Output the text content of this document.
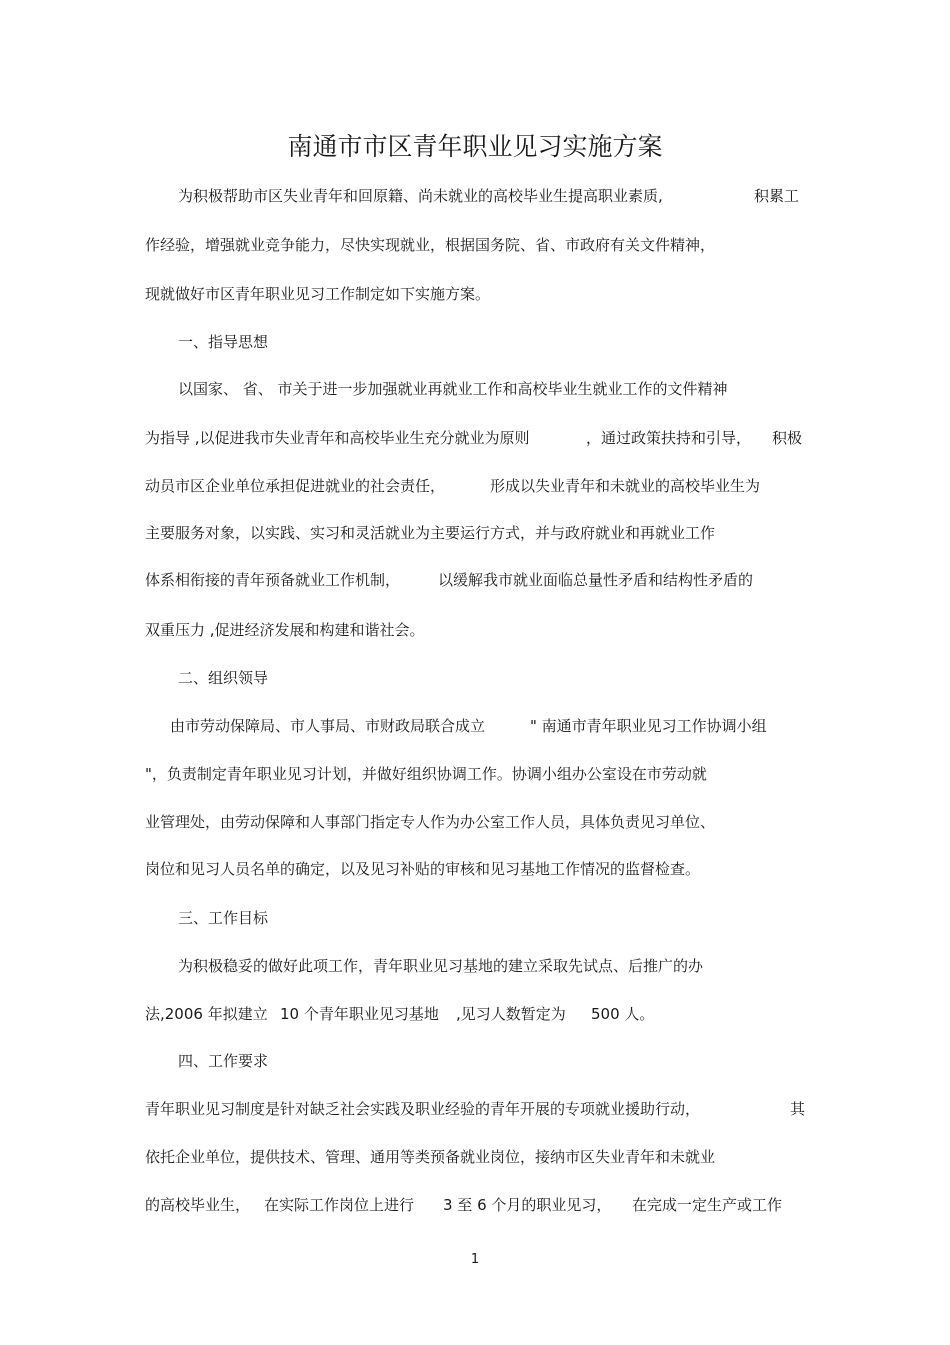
南通市市区青年职业见习实施方案
为积极帮助市区失业青年和回原籍、尚未就业的高校毕业生提高职业素质,	积累工
作经验，增强就业竞争能力，尽快实现就业，根据国务院、省、市政府有关文件精神，
现就做好市区青年职业见习工作制定如下实施方案。
一、指导思想
以国家、 省、 市关于进一步加强就业再就业工作和高校毕业生就业工作的文件精神
为指导 ,以促进我市失业青年和高校毕业生充分就业为原则	，通过政策扶持和引导， 积极
动员市区企业单位承担促进就业的社会责任，	形成以失业青年和未就业的高校毕业生为
主要服务对象，以实践、实习和灵活就业为主要运行方式，并与政府就业和再就业工作
体系相衔接的青年预备就业工作机制，	以缓解我市就业面临总量性矛盾和结构性矛盾的
双重压力 ,促进经济发展和构建和谐社会。
二、组织领导
由市劳动保障局、市人事局、市财政局联合成立	" 南通市青年职业见习工作协调小组
"，负责制定青年职业见习计划，并做好组织协调工作。协调小组办公室设在市劳动就
业管理处，由劳动保障和人事部门指定专人作为办公室工作人员，具体负责见习单位、
岗位和见习人员名单的确定，以及见习补贴的审核和见习基地工作情况的监督检查。
三、工作目标
为积极稳妥的做好此项工作，青年职业见习基地的建立采取先试点、后推广的办
法,2006 年拟建立 10 个青年职业见习基地 ,见习人数暂定为 500 人。
四、工作要求
青年职业见习制度是针对缺乏社会实践及职业经验的青年开展的专项就业援助行动，	其
依托企业单位，提供技术、管理、通用等类预备就业岗位，接纳市区失业青年和未就业
的高校毕业生， 在实际工作岗位上进行 3 至 6 个月的职业见习， 在完成一定生产或工作
1
